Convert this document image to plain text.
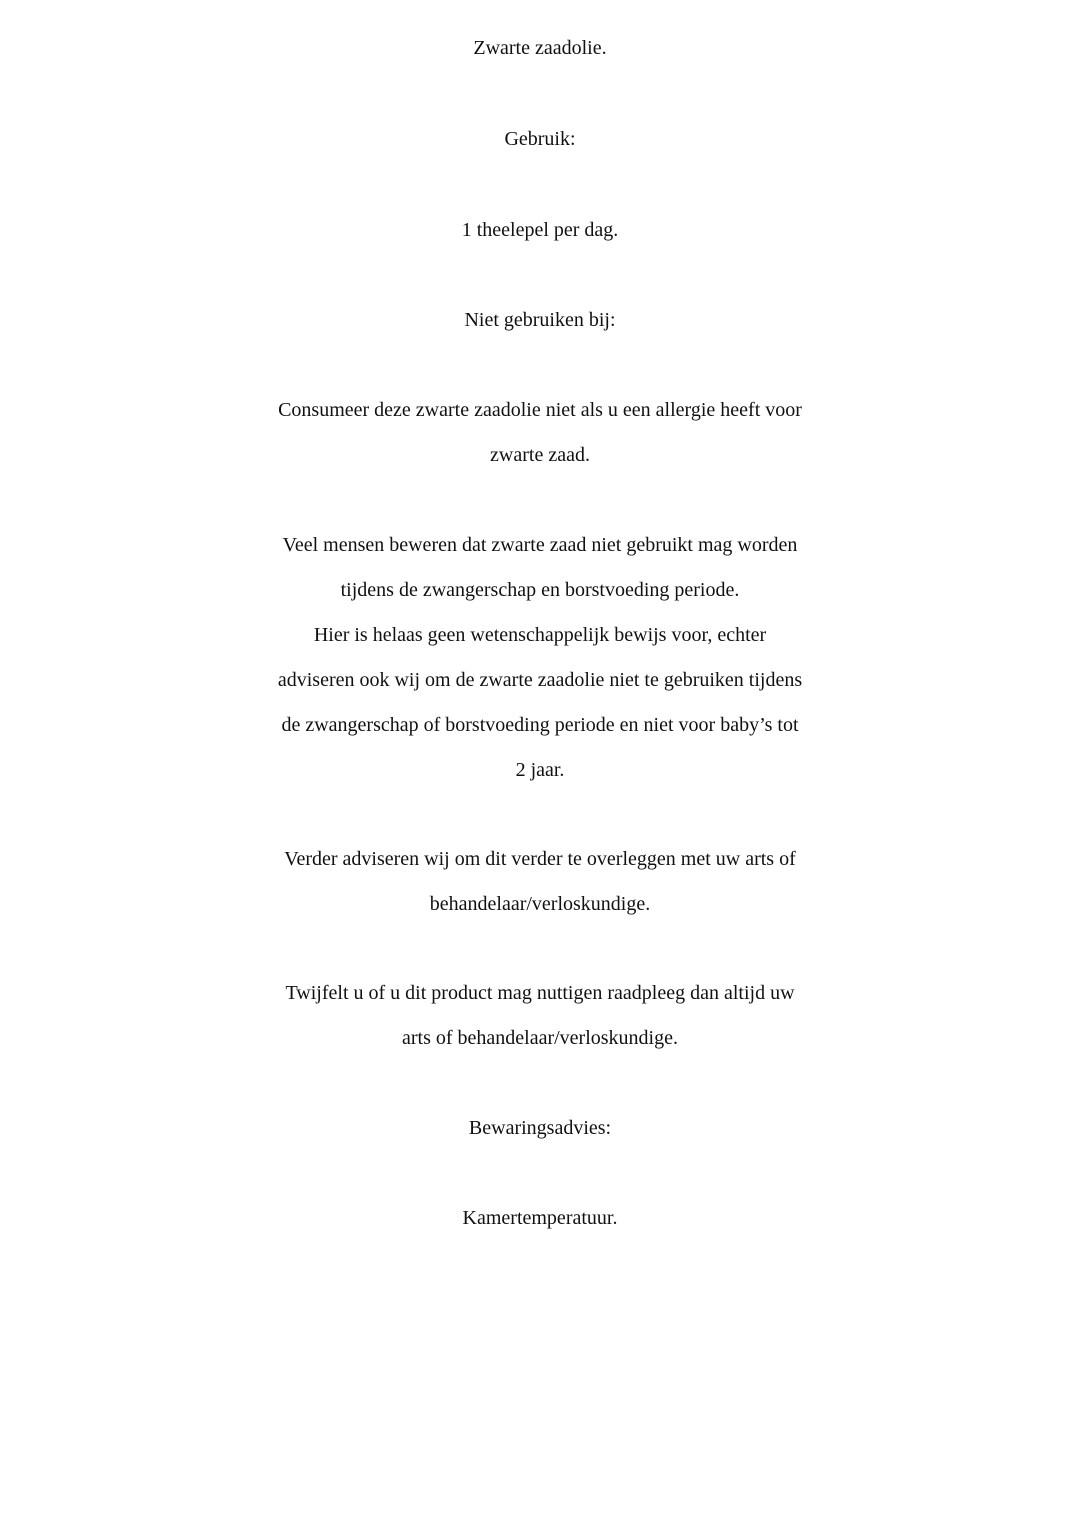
Zwarte zaadolie.
Gebruik:
1 theelepel per dag.
Niet gebruiken bij:
Consumeer deze zwarte zaadolie niet als u een allergie heeft voor
zwarte zaad.
Veel mensen beweren dat zwarte zaad niet gebruikt mag worden
tijdens de zwangerschap en borstvoeding periode.
Hier is helaas geen wetenschappelijk bewijs voor, echter
adviseren ook wij om de zwarte zaadolie niet te gebruiken tijdens
de zwangerschap of borstvoeding periode en niet voor baby’s tot
2 jaar.
Verder adviseren wij om dit verder te overleggen met uw arts of
behandelaar/verloskundige.
Twijfelt u of u dit product mag nuttigen raadpleeg dan altijd uw
arts of behandelaar/verloskundige.
Bewaringsadvies:
Kamertemperatuur.
